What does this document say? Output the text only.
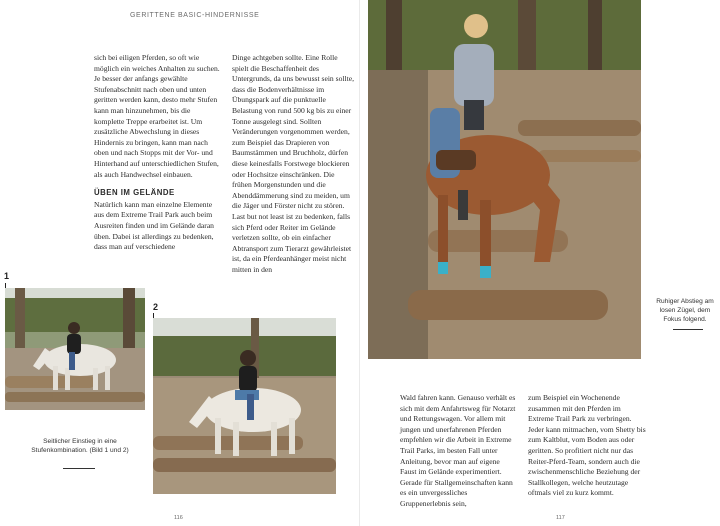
GERITTENE BASIC-HINDERNISSE

sich bei eiligen Pferden, so oft wie möglich ein weiches Anhalten zu suchen. Je besser der anfangs gewählte Stufenabschnitt nach oben und unten geritten werden kann, desto mehr Stufen kann man hinzunehmen, bis die komplette Treppe erarbeitet ist. Um zusätzliche Abwechslung in dieses Hindernis zu bringen, kann man nach oben und nach Stopps mit der Vor- und Hinterhand auf unterschiedlichen Stufen, als auch Handwechsel einbauen.

ÜBEN IM GELÄNDE

Natürlich kann man einzelne Elemente aus dem Extreme Trail Park auch beim Ausreiten finden und im Gelände daran üben. Dabei ist allerdings zu bedenken, dass man auf verschiedene

Dinge achtgeben sollte. Eine Rolle spielt die Beschaffenheit des Untergrunds, da uns bewusst sein sollte, dass die Bodenverhältnisse im Übungspark auf die punktuelle Belastung von rund 500 kg bis zu einer Tonne ausgelegt sind. Sollten Veränderungen vorgenommen werden, zum Beispiel das Drapieren von Baumstämmen und Bruchholz, dürfen diese keinesfalls Forstwege blockieren oder Hochsitze einschränken. Die frühen Morgenstunden und die Abenddämmerung sind zu meiden, um die Jäger und Förster nicht zu stören. Last but not least ist zu bedenken, falls sich Pferd oder Reiter im Gelände verletzen sollte, ob ein einfacher Abtransport zum Tierarzt gewährleistet ist, da ein Pferdeanhänger meist nicht mitten in den

1
2
Seitlicher Einstieg in eine Stufenkombination. (Bild 1 und 2)
116

Wald fahren kann. Genauso verhält es sich mit dem Anfahrtsweg für Notarzt und Rettungswagen. Vor allem mit jungen und unerfahrenen Pferden empfehlen wir die Arbeit in Extreme Trail Parks, im besten Fall unter Anleitung, bevor man auf eigene Faust im Gelände experimentiert. Gerade für Stallgemeinschaften kann es ein unvergessliches Gruppenerlebnis sein,

zum Beispiel ein Wochenende zusammen mit den Pferden im Extreme Trail Park zu verbringen. Jeder kann mitmachen, vom Shetty bis zum Kaltblut, vom Boden aus oder geritten. So profitiert nicht nur das Reiter-Pferd-Team, sondern auch die zwischenmenschliche Beziehung der Stallkollegen, welche heutzutage oftmals viel zu kurz kommt.

Ruhiger Abstieg am losen Zügel, dem Fokus folgend.
117
